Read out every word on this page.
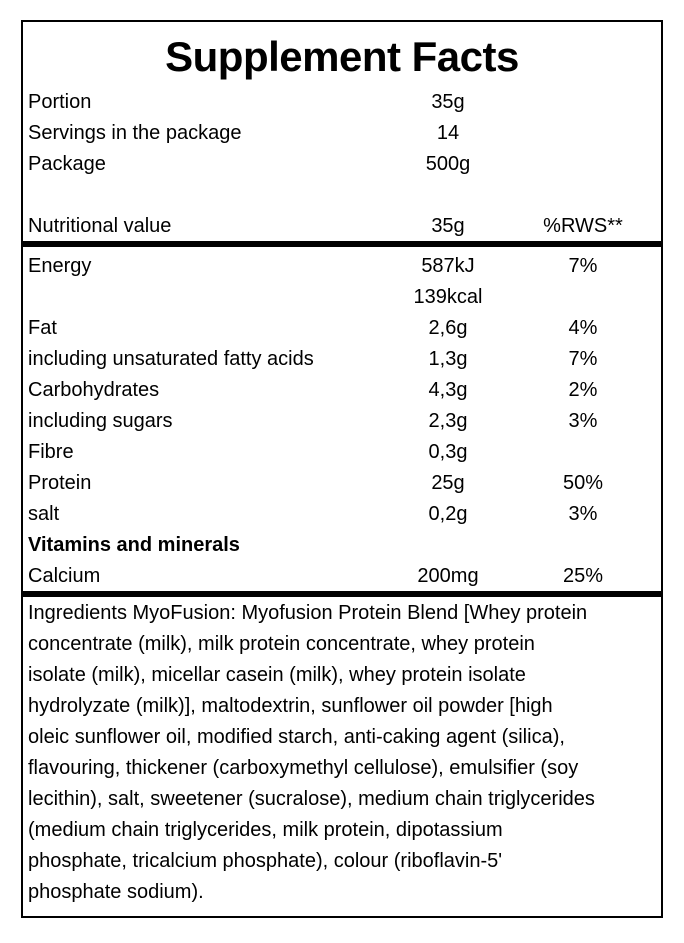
Supplement Facts
Portion	35g
Servings in the package	14
Package	500g
Nutritional value	35g	%RWS**
Energy	587kJ	7%
139kcal
Fat	2,6g	4%
including unsaturated fatty acids	1,3g	7%
Carbohydrates	4,3g	2%
including sugars	2,3g	3%
Fibre	0,3g
Protein	25g	50%
salt	0,2g	3%
Vitamins and minerals
Calcium	200mg	25%
Ingredients MyoFusion: Myofusion Protein Blend [Whey protein
concentrate (milk), milk protein concentrate, whey protein
isolate (milk), micellar casein (milk), whey protein isolate
hydrolyzate (milk)], maltodextrin, sunflower oil powder [high
oleic sunflower oil, modified starch, anti-caking agent (silica),
flavouring, thickener (carboxymethyl cellulose), emulsifier (soy
lecithin), salt, sweetener (sucralose), medium chain triglycerides
(medium chain triglycerides, milk protein, dipotassium
phosphate, tricalcium phosphate), colour (riboflavin-5'
phosphate sodium).
